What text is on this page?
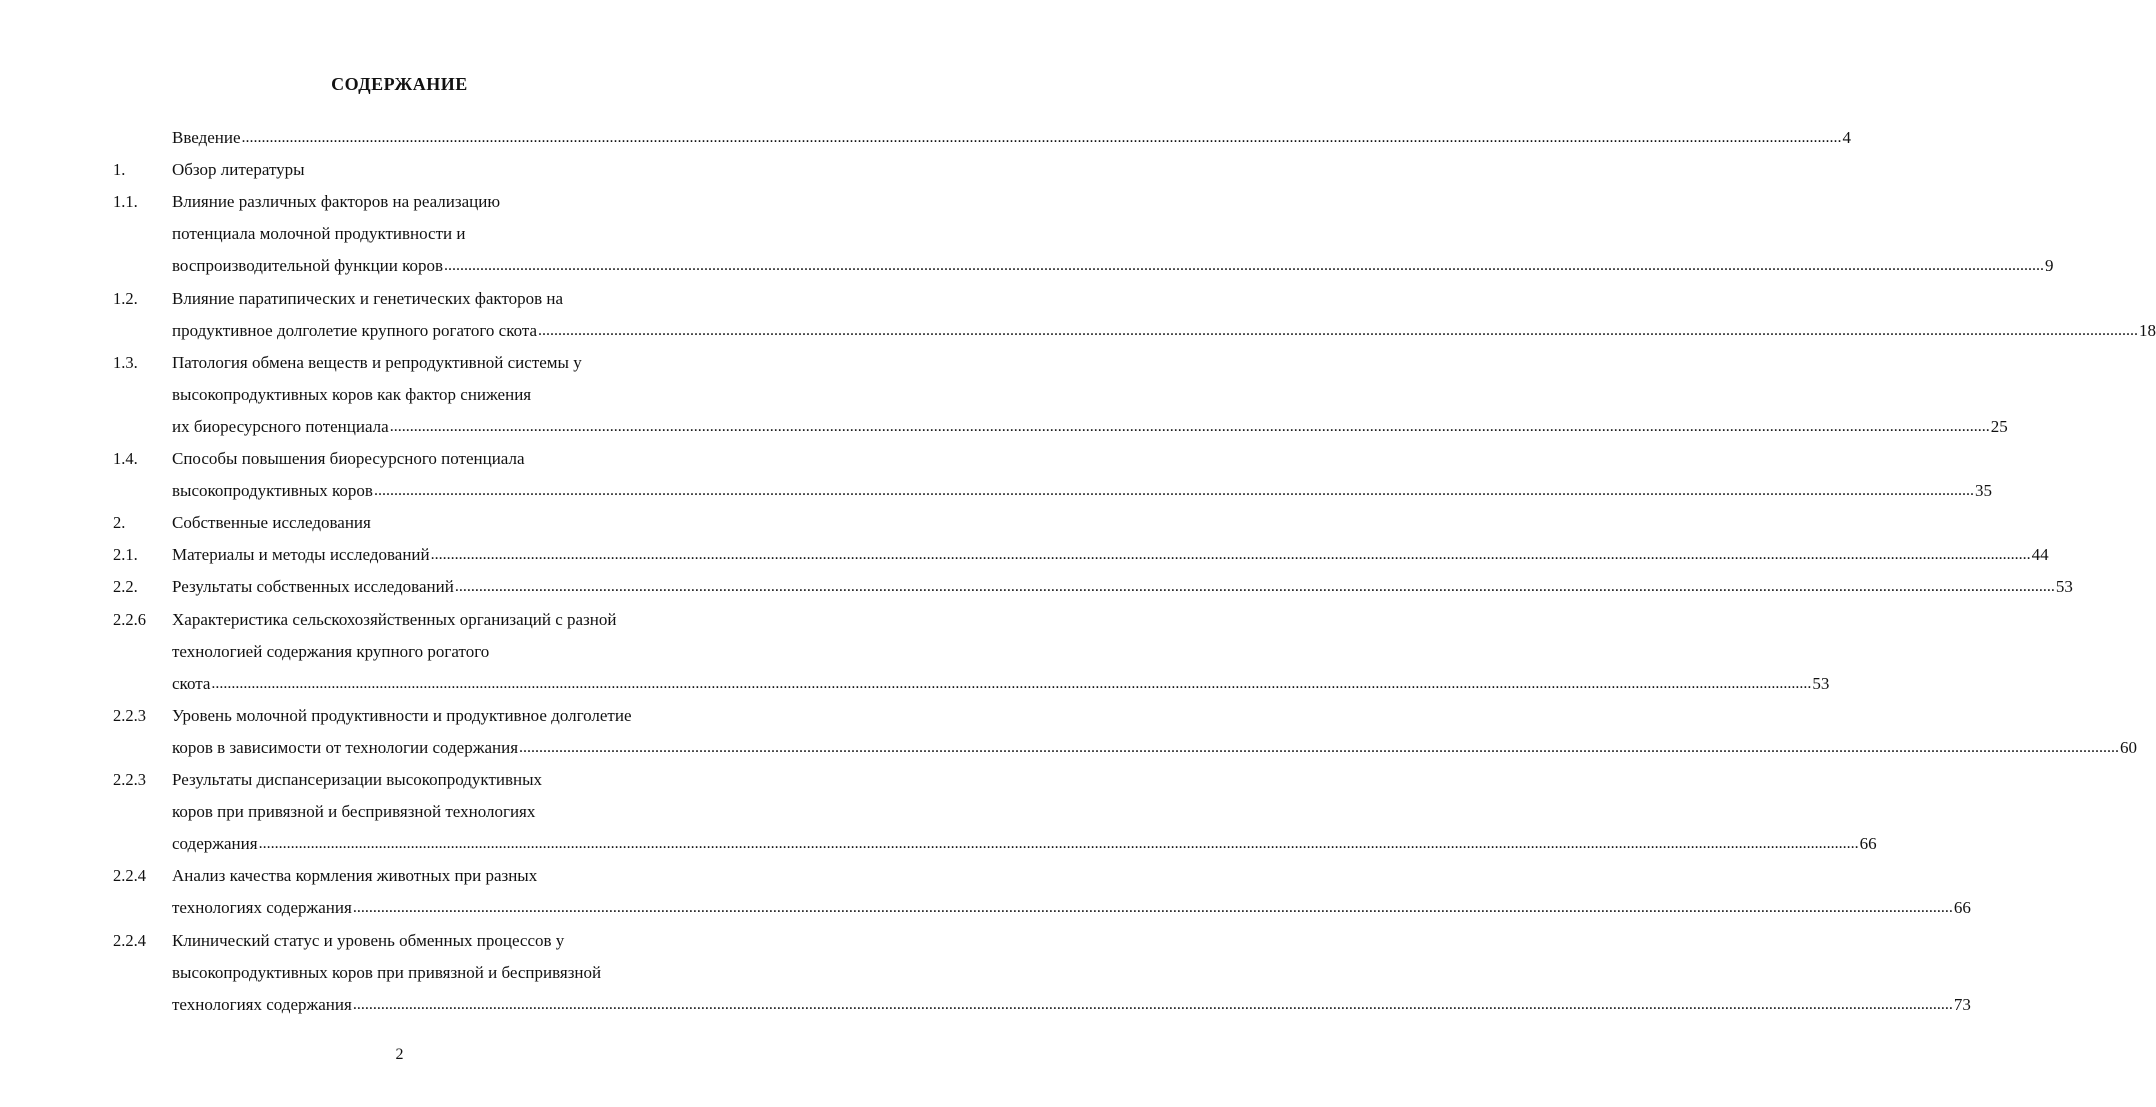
СОДЕРЖАНИЕ
Введение ................................................................................................................................................................................................................................................................................................................................................................................................................ 4
1.	Обзор литературы
1.1. Влияние различных факторов на реализацию
потенциала молочной продуктивности и
воспроизводительной функции коров ................................................................................................................................................................................................................................................................................................................................................................................................................ 9
1.2. Влияние паратипических и генетических факторов на
продуктивное долголетие крупного рогатого скота ................................................................................................................................................................................................................................................................................................................................................................................................................ 18
1.3. Патология обмена веществ и репродуктивной системы у
высокопродуктивных коров как фактор снижения
их биоресурсного потенциала ................................................................................................................................................................................................................................................................................................................................................................................................................ 25
1.4. Способы повышения биоресурсного потенциала
высокопродуктивных коров ................................................................................................................................................................................................................................................................................................................................................................................................................ 35
2.	Собственные исследования
2.1. Материалы и методы исследований ................................................................................................................................................................................................................................................................................................................................................................................................................ 44
2.2. Результаты собственных исследований ................................................................................................................................................................................................................................................................................................................................................................................................................ 53
2.2.6 Характеристика сельскохозяйственных организаций с разной
технологией содержания крупного рогатого
скота ................................................................................................................................................................................................................................................................................................................................................................................................................ 53
2.2.3 Уровень молочной продуктивности и продуктивное долголетие
коров в зависимости от технологии содержания ................................................................................................................................................................................................................................................................................................................................................................................................................ 60
2.2.3 Результаты диспансеризации высокопродуктивных
коров при привязной и беспривязной технологиях
содержания ................................................................................................................................................................................................................................................................................................................................................................................................................ 66
2.2.4 Анализ качества кормления животных при разных
технологиях содержания ................................................................................................................................................................................................................................................................................................................................................................................................................ 66
2.2.4 Клинический статус и уровень обменных процессов у
высокопродуктивных коров при привязной и беспривязной
технологиях содержания ................................................................................................................................................................................................................................................................................................................................................................................................................ 73
2
